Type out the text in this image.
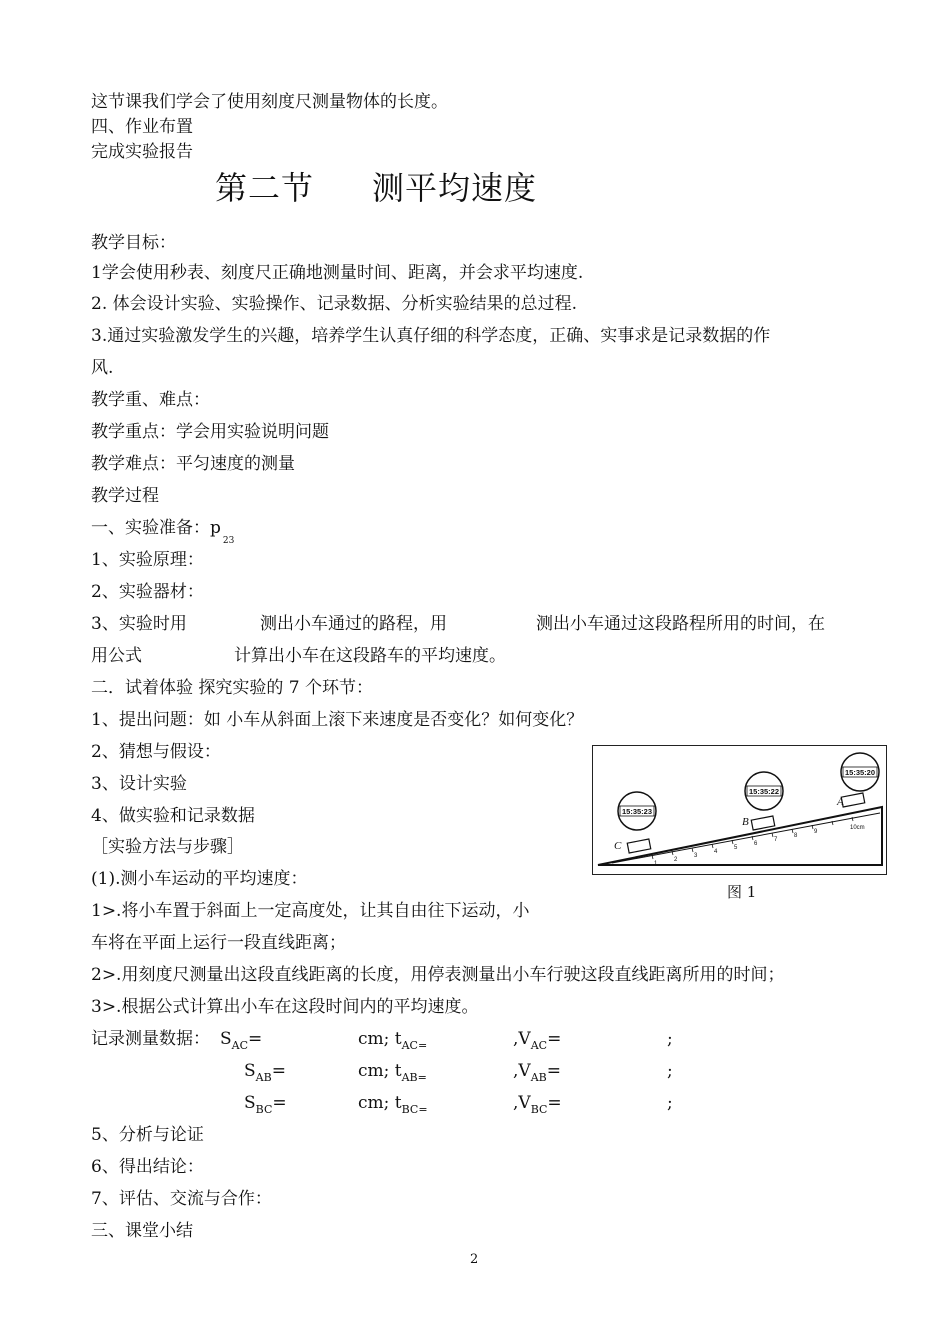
这节课我们学会了使用刻度尺测量物体的长度。
四、作业布置
完成实验报告
第二节 测平均速度
教学目标：
1学会使用秒表、刻度尺正确地测量时间、距离，并会求平均速度.
2. 体会设计实验、实验操作、记录数据、分析实验结果的总过程.
3.通过实验激发学生的兴趣，培养学生认真仔细的科学态度，正确、实事求是记录数据的作
风.
教学重、难点：
教学重点：学会用实验说明问题
教学难点：平匀速度的测量
教学过程
一、实验准备：$p_{23}$
1、实验原理：
2、实验器材：
3、实验时用	测出小车通过的路程，用	测出小车通过这段路程所用的时间，在
用公式	计算出小车在这段路车的平均速度。
二．试着体验 探究实验的 7 个环节：
1、提出问题：如 小车从斜面上滚下来速度是否变化？如何变化？
2、猜想与假设：
3、设计实验
4、做实验和记录数据
［实验方法与步骤］
(1).测小车运动的平均速度：
1>.将小车置于斜面上一定高度处，让其自由往下运动，小
车将在平面上运行一段直线距离；
2>.用刻度尺测量出这段直线距离的长度，用停表测量出小车行驶这段直线距离所用的时间；
3>.根据公式计算出小车在这段时间内的平均速度。
记录测量数据： $S_{AC}=$	cm; $t_{AC=}$	$,V_{AC}=$	;
$S_{AB}=$	cm; $t_{AB=}$	$,V_{AB}=$	;
$S_{BC}=$	cm; $t_{BC=}$	$,V_{BC}=$	;
5、分析与论证
6、得出结论：
7、评估、交流与合作：
三、课堂小结
1
2
3
4
5
6
7
8
9
10cm
C
B
A
15:35:23
15:35:22
15:35:20
图 1
2
